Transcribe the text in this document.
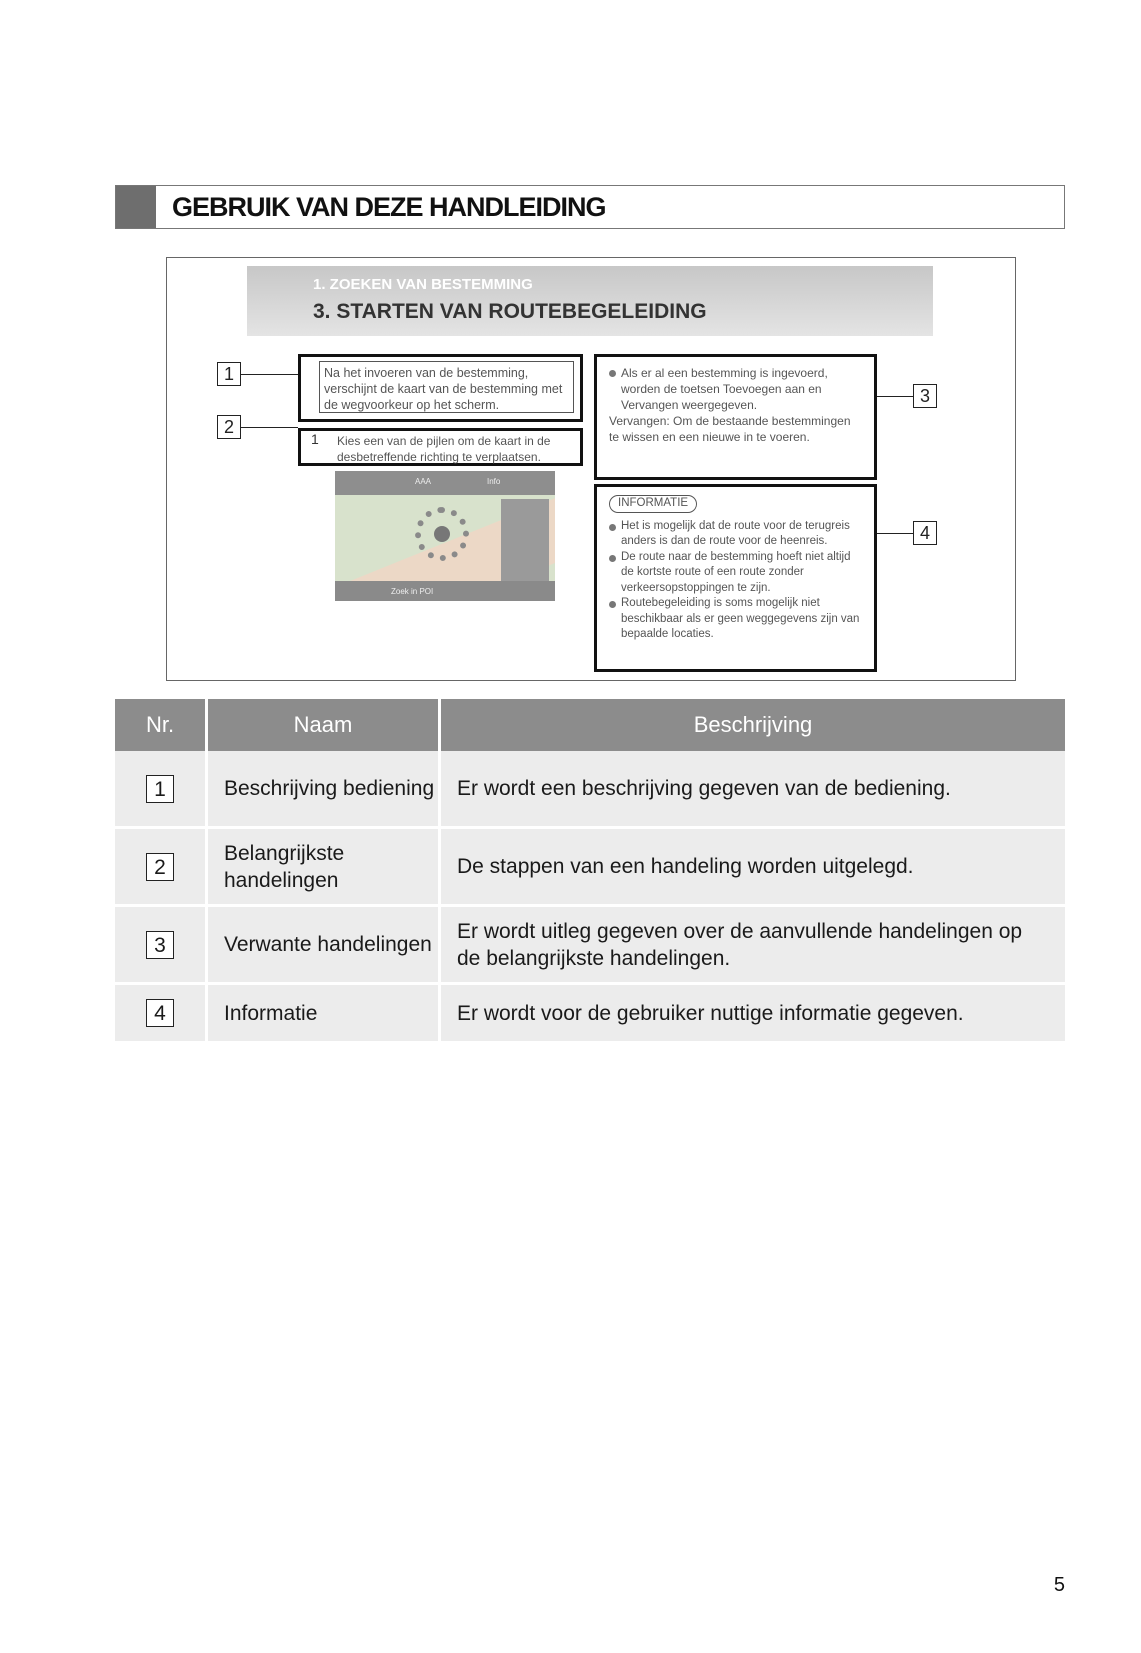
GEBRUIK VAN DEZE HANDLEIDING
1. ZOEKEN VAN BESTEMMING
3. STARTEN VAN ROUTEBEGELEIDING
Na het invoeren van de bestemming, verschijnt de kaart van de bestemming met de wegvoorkeur op het scherm.
1 Kies een van de pijlen om de kaart in de desbetreffende richting te verplaatsen.
AAA	Info
Zoek in POI
Als er al een bestemming is ingevoerd, worden de toetsen Toevoegen aan en Vervangen weergegeven.
Vervangen: Om de bestaande bestemmingen te wissen en een nieuwe in te voeren.
INFORMATIE
Het is mogelijk dat de route voor de terugreis anders is dan de route voor de heenreis.
De route naar de bestemming hoeft niet altijd de kortste route of een route zonder verkeersopstoppingen te zijn.
Routebegeleiding is soms mogelijk niet beschikbaar als er geen weggegevens zijn van bepaalde locaties.
1
2
3
4
Nr.	Naam	Beschrijving
1	Beschrijving bediening	Er wordt een beschrijving gegeven van de bediening.
2	Belangrijkste handelingen	De stappen van een handeling worden uitgelegd.
3	Verwante handelingen	Er wordt uitleg gegeven over de aanvullende handelingen op de belangrijkste handelingen.
4	Informatie	Er wordt voor de gebruiker nuttige informatie gegeven.
5
